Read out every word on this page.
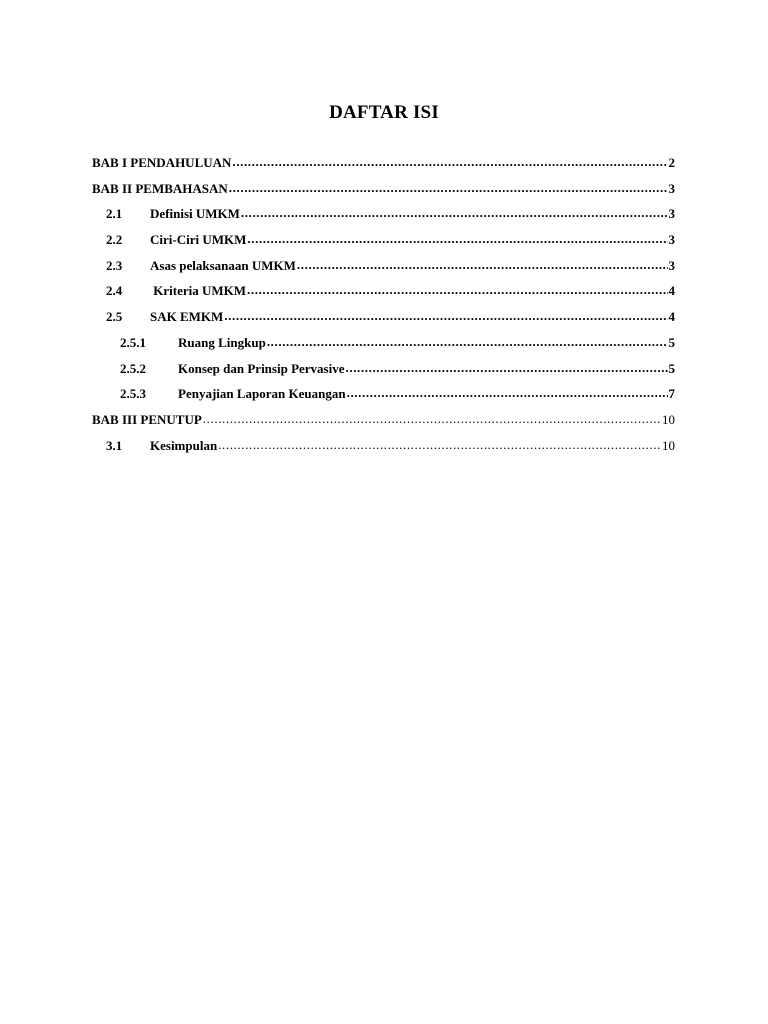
DAFTAR ISI
BAB I PENDAHULUAN .....	2
BAB II PEMBAHASAN .....	3
2.1	Definisi UMKM .....	3
2.2	Ciri-Ciri UMKM .....	3
2.3	Asas pelaksanaan UMKM .....	3
2.4	Kriteria UMKM .....	4
2.5	SAK EMKM .....	4
2.5.1	Ruang Lingkup .....	5
2.5.2	Konsep dan Prinsip Pervasive .....	5
2.5.3	Penyajian Laporan Keuangan .....	7
BAB III PENUTUP .....	10
3.1	Kesimpulan .....	10
